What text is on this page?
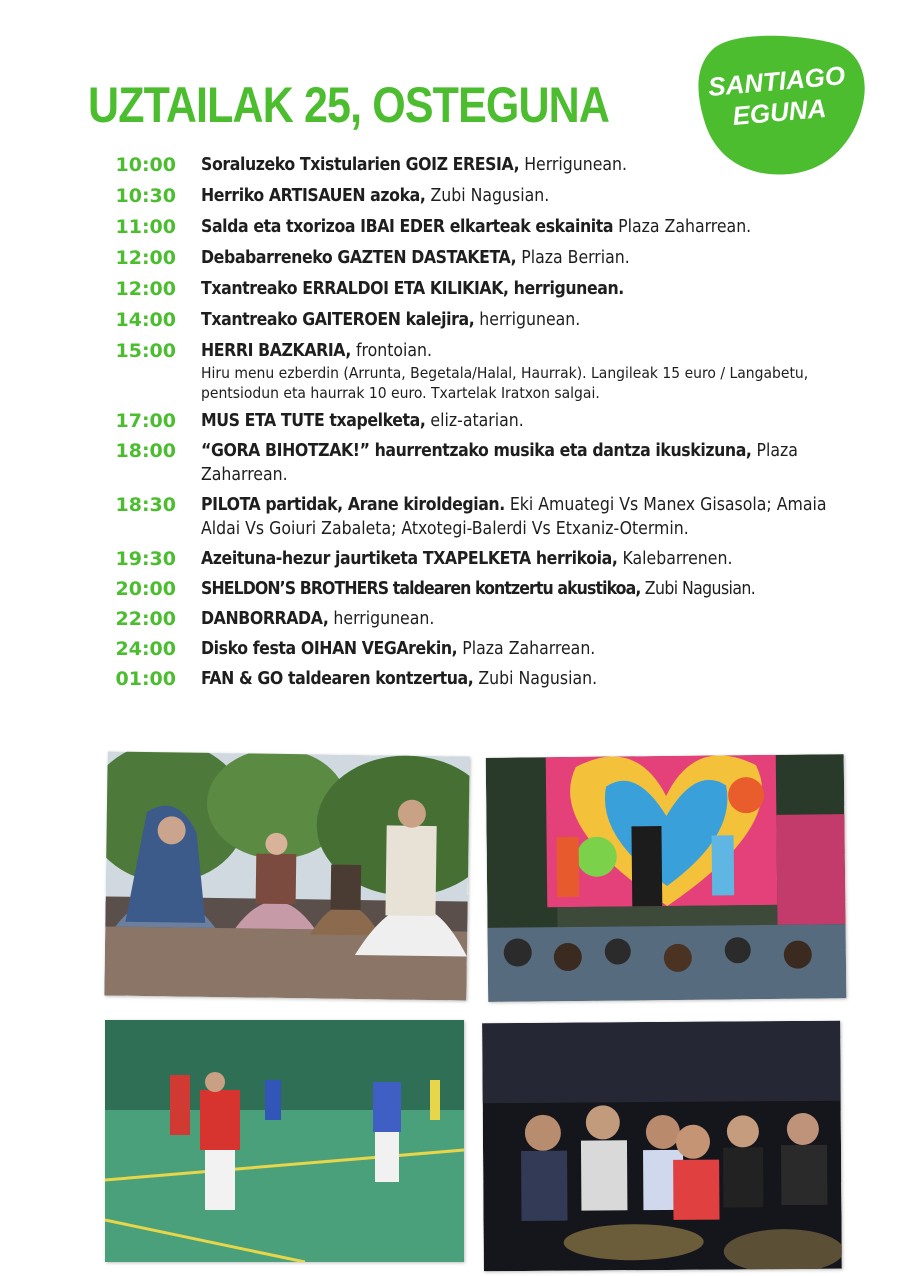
UZTAILAK 25, OSTEGUNA	SANTIAGO
EGUNA
10:00 Soraluzeko Txistularien GOIZ ERESIA, Herrigunean.
10:30 Herriko ARTISAUEN azoka, Zubi Nagusian.
11:00 Salda eta txorizoa IBAI EDER elkarteak eskainita Plaza Zaharrean.
12:00 Debabarreneko GAZTEN DASTAKETA, Plaza Berrian.
12:00 Txantreako ERRALDOI ETA KILIKIAK, herrigunean.
14:00 Txantreako GAITEROEN kalejira, herrigunean.
15:00 HERRI BAZKARIA, frontoian.
Hiru menu ezberdin (Arrunta, Begetala/Halal, Haurrak). Langileak 15 euro / Langabetu, pentsiodun eta haurrak 10 euro. Txartelak Iratxon salgai.
17:00 MUS ETA TUTE txapelketa, eliz-atarian.
18:00 “GORA BIHOTZAK!” haurrentzako musika eta dantza ikuskizuna, Plaza Zaharrean.
18:30 PILOTA partidak, Arane kiroldegian. Eki Amuategi Vs Manex Gisasola; Amaia Aldai Vs Goiuri Zabaleta; Atxotegi-Balerdi Vs Etxaniz-Otermin.
19:30 Azeituna-hezur jaurtiketa TXAPELKETA herrikoia, Kalebarrenen.
20:00 SHELDON’S BROTHERS taldearen kontzertu akustikoa, Zubi Nagusian.
22:00 DANBORRADA, herrigunean.
24:00 Disko festa OIHAN VEGArekin, Plaza Zaharrean.
01:00 FAN & GO taldearen kontzertua, Zubi Nagusian.
